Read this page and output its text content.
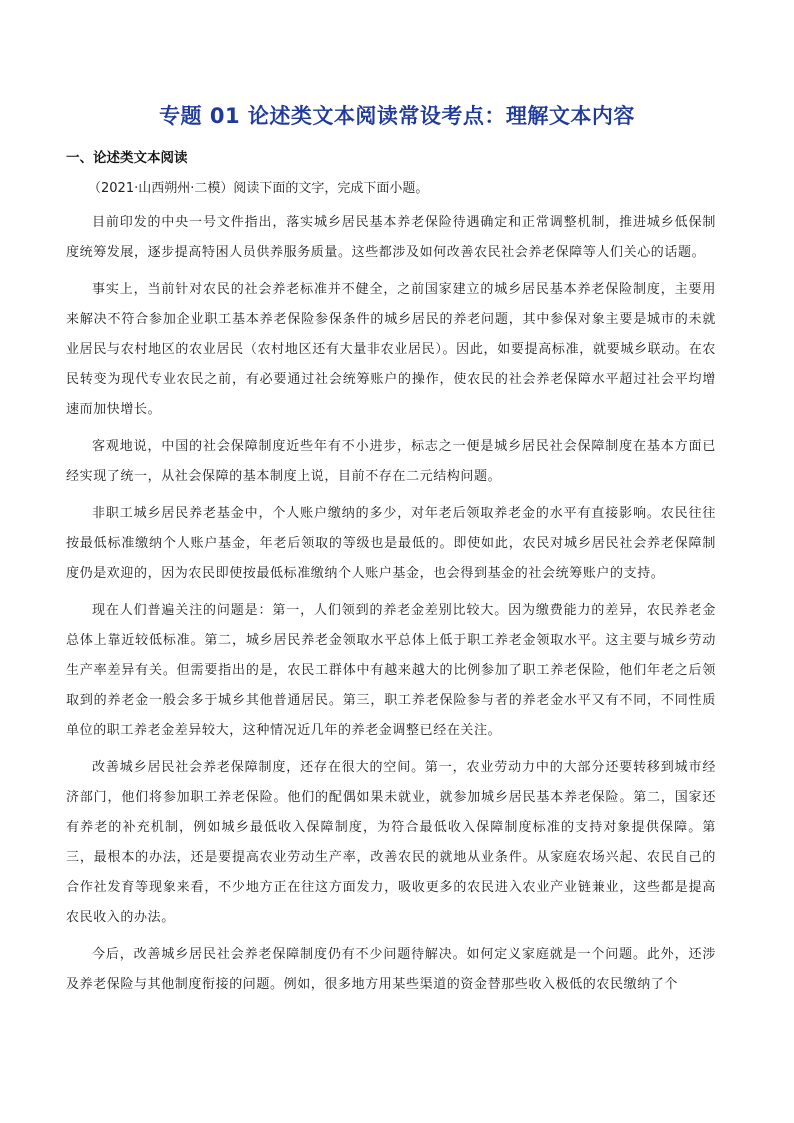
专题 01 论述类文本阅读常设考点：理解文本内容
一、论述类文本阅读
（2021·山西朔州·二模）阅读下面的文字，完成下面小题。

目前印发的中央一号文件指出，落实城乡居民基本养老保险待遇确定和正常调整机制，推进城乡低保制度统筹发展，逐步提高特困人员供养服务质量。这些都涉及如何改善农民社会养老保障等人们关心的话题。

事实上，当前针对农民的社会养老标准并不健全，之前国家建立的城乡居民基本养老保险制度，主要用来解决不符合参加企业职工基本养老保险参保条件的城乡居民的养老问题，其中参保对象主要是城市的未就业居民与农村地区的农业居民（农村地区还有大量非农业居民）。因此，如要提高标准，就要城乡联动。在农民转变为现代专业农民之前，有必要通过社会统筹账户的操作，使农民的社会养老保障水平超过社会平均增速而加快增长。

客观地说，中国的社会保障制度近些年有不小进步，标志之一便是城乡居民社会保障制度在基本方面已经实现了统一，从社会保障的基本制度上说，目前不存在二元结构问题。

非职工城乡居民养老基金中，个人账户缴纳的多少，对年老后领取养老金的水平有直接影响。农民往往按最低标准缴纳个人账户基金，年老后领取的等级也是最低的。即使如此，农民对城乡居民社会养老保障制度仍是欢迎的，因为农民即使按最低标准缴纳个人账户基金，也会得到基金的社会统筹账户的支持。

现在人们普遍关注的问题是：第一，人们领到的养老金差别比较大。因为缴费能力的差异，农民养老金总体上靠近较低标准。第二，城乡居民养老金领取水平总体上低于职工养老金领取水平。这主要与城乡劳动生产率差异有关。但需要指出的是，农民工群体中有越来越大的比例参加了职工养老保险，他们年老之后领取到的养老金一般会多于城乡其他普通居民。第三，职工养老保险参与者的养老金水平又有不同，不同性质单位的职工养老金差异较大，这种情况近几年的养老金调整已经在关注。

改善城乡居民社会养老保障制度，还存在很大的空间。第一，农业劳动力中的大部分还要转移到城市经济部门，他们将参加职工养老保险。他们的配偶如果未就业，就参加城乡居民基本养老保险。第二，国家还有养老的补充机制，例如城乡最低收入保障制度，为符合最低收入保障制度标准的支持对象提供保障。第三，最根本的办法，还是要提高农业劳动生产率，改善农民的就地从业条件。从家庭农场兴起、农民自己的合作社发育等现象来看，不少地方正在往这方面发力，吸收更多的农民进入农业产业链兼业，这些都是提高农民收入的办法。

今后，改善城乡居民社会养老保障制度仍有不少问题待解决。如何定义家庭就是一个问题。此外，还涉及养老保险与其他制度衔接的问题。例如，很多地方用某些渠道的资金替那些收入极低的农民缴纳了个
